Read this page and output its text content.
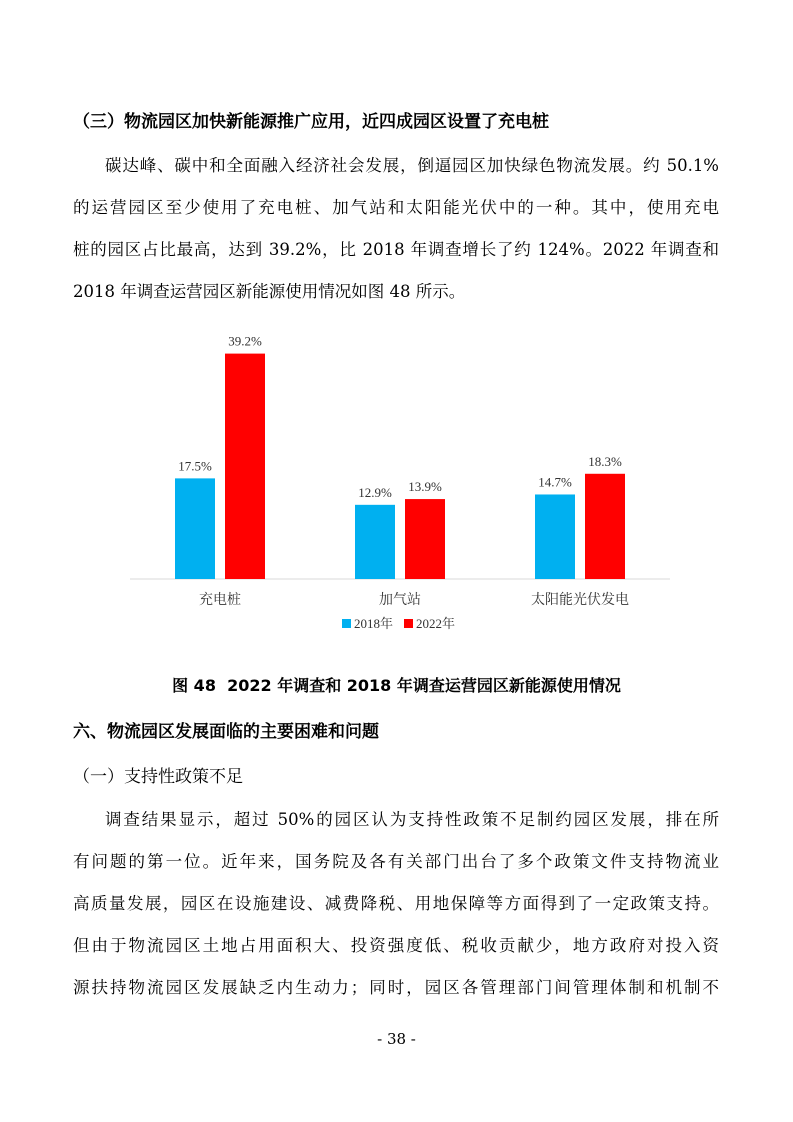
（三）物流园区加快新能源推广应用，近四成园区设置了充电桩
碳达峰、碳中和全面融入经济社会发展，倒逼园区加快绿色物流发展。约 50.1%
的运营园区至少使用了充电桩、加气站和太阳能光伏中的一种。其中，使用充电
桩的园区占比最高，达到 39.2%，比 2018 年调查增长了约 124%。2022 年调查和
2018 年调查运营园区新能源使用情况如图 48 所示。
17.5%
39.2%
充电桩
12.9% 13.9%
加气站
14.7%
18.3%
太阳能光伏发电
2018年 2022年
图 48  2022 年调查和 2018 年调查运营园区新能源使用情况
六、物流园区发展面临的主要困难和问题
（一）支持性政策不足
调查结果显示，超过 50%的园区认为支持性政策不足制约园区发展，排在所
有问题的第一位。近年来，国务院及各有关部门出台了多个政策文件支持物流业
高质量发展，园区在设施建设、减费降税、用地保障等方面得到了一定政策支持。
但由于物流园区土地占用面积大、投资强度低、税收贡献少，地方政府对投入资
源扶持物流园区发展缺乏内生动力；同时，园区各管理部门间管理体制和机制不
- 38 -
